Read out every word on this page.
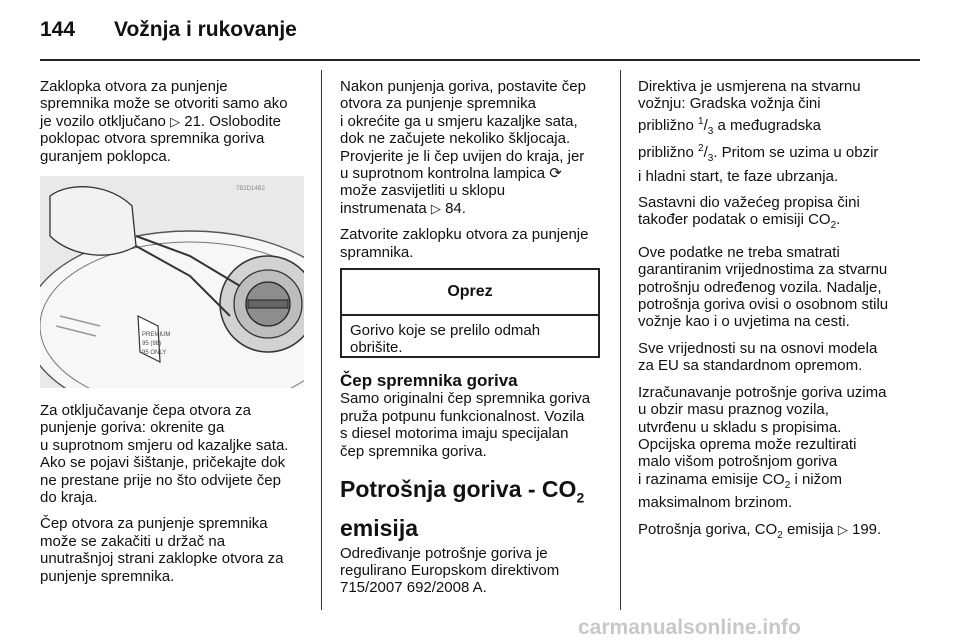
144 Vožnja i rukovanje

Zaklopka otvora za punjenje
spremnika može se otvoriti samo ako
je vozilo otključano ▷ 21. Oslobodite
poklopac otvora spremnika goriva
guranjem poklopca.

PREMIUM
95 (98)
95 ONLY
7B2D14B2

Za otključavanje čepa otvora za
punjenje goriva: okrenite ga
u suprotnom smjeru od kazaljke sata.
Ako se pojavi šištanje, pričekajte dok
ne prestane prije no što odvijete čep
do kraja.

Čep otvora za punjenje spremnika
može se zakačiti u držač na
unutrašnjoj strani zaklopke otvora za
punjenje spremnika.

Nakon punjenja goriva, postavite čep
otvora za punjenje spremnika
i okrećite ga u smjeru kazaljke sata,
dok ne začujete nekoliko škljocaja.
Provjerite je li čep uvijen do kraja, jer
u suprotnom kontrolna lampica ⟳
može zasvijetliti u sklopu
instrumenata ▷ 84.

Zatvorite zaklopku otvora za punjenje
spramnika.

Oprez
Gorivo koje se prelilo odmah obrišite.
Čep spremnika goriva

Samo originalni čep spremnika goriva
pruža potpunu funkcionalnost. Vozila
s diesel motorima imaju specijalan
čep spremnika goriva.

Potrošnja goriva - $CO_2$
emisija

Određivanje potrošnje goriva je
regulirano Europskom direktivom
715/2007 692/2008 A.

Direktiva je usmjerena na stvarnu
vožnju: Gradska vožnja čini
približno $^1/_3$ a međugradska
približno $^2/_3$. Pritom se uzima u obzir
i hladni start, te faze ubrzanja.

Sastavni dio važećeg propisa čini
također podatak o emisiji $CO_2$.

Ove podatke ne treba smatrati
garantiranim vrijednostima za stvarnu
potrošnju određenog vozila. Nadalje,
potrošnja goriva ovisi o osobnom stilu
vožnje kao i o uvjetima na cesti.

Sve vrijednosti su na osnovi modela
za EU sa standardnom opremom.

Izračunavanje potrošnje goriva uzima
u obzir masu praznog vozila,
utvrđenu u skladu s propisima.
Opcijska oprema može rezultirati
malo višom potrošnjom goriva
i razinama emisije $CO_2$ i nižom
maksimalnom brzinom.

Potrošnja goriva, $CO_2$ emisija ▷ 199.

carmanualsonline.info
